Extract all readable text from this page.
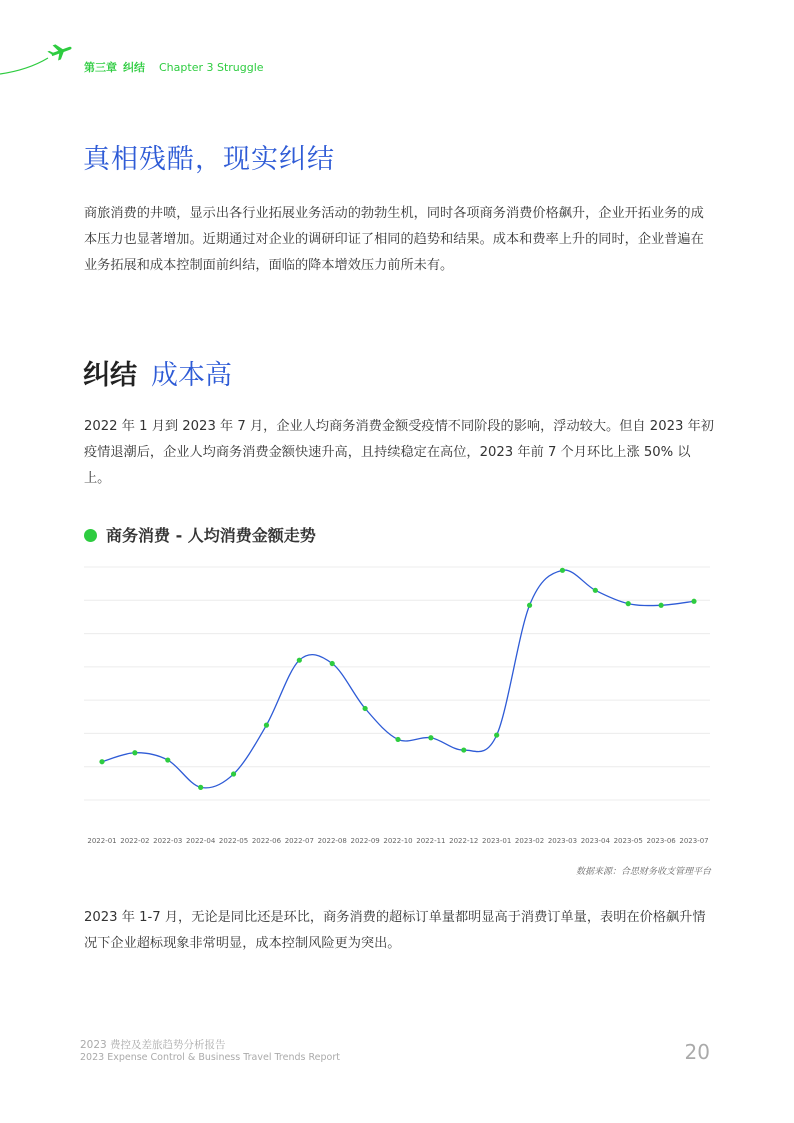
第三章 纠结 Chapter 3 Struggle
真相残酷，现实纠结
商旅消费的井喷，显示出各行业拓展业务活动的勃勃生机，同时各项商务消费价格飙升，企业开拓业务的成本压力也显著增加。近期通过对企业的调研印证了相同的趋势和结果。成本和费率上升的同时，企业普遍在业务拓展和成本控制面前纠结，面临的降本增效压力前所未有。
纠结 成本高
2022 年 1 月到 2023 年 7 月，企业人均商务消费金额受疫情不同阶段的影响，浮动较大。但自 2023 年初疫情退潮后，企业人均商务消费金额快速升高，且持续稳定在高位，2023 年前 7 个月环比上涨 50% 以上。
商务消费 - 人均消费金额走势
2022-01 2022-02 2022-03 2022-04 2022-05 2022-06 2022-07 2022-08 2022-09 2022-10 2022-11 2022-12 2023-01 2023-02 2023-03 2023-04 2023-05 2023-06 2023-07
数据来源：合思财务收支管理平台
2023 年 1-7 月，无论是同比还是环比，商务消费的超标订单量都明显高于消费订单量，表明在价格飙升情况下企业超标现象非常明显，成本控制风险更为突出。
2023 费控及差旅趋势分析报告
2023 Expense Control & Business Travel Trends Report	20
